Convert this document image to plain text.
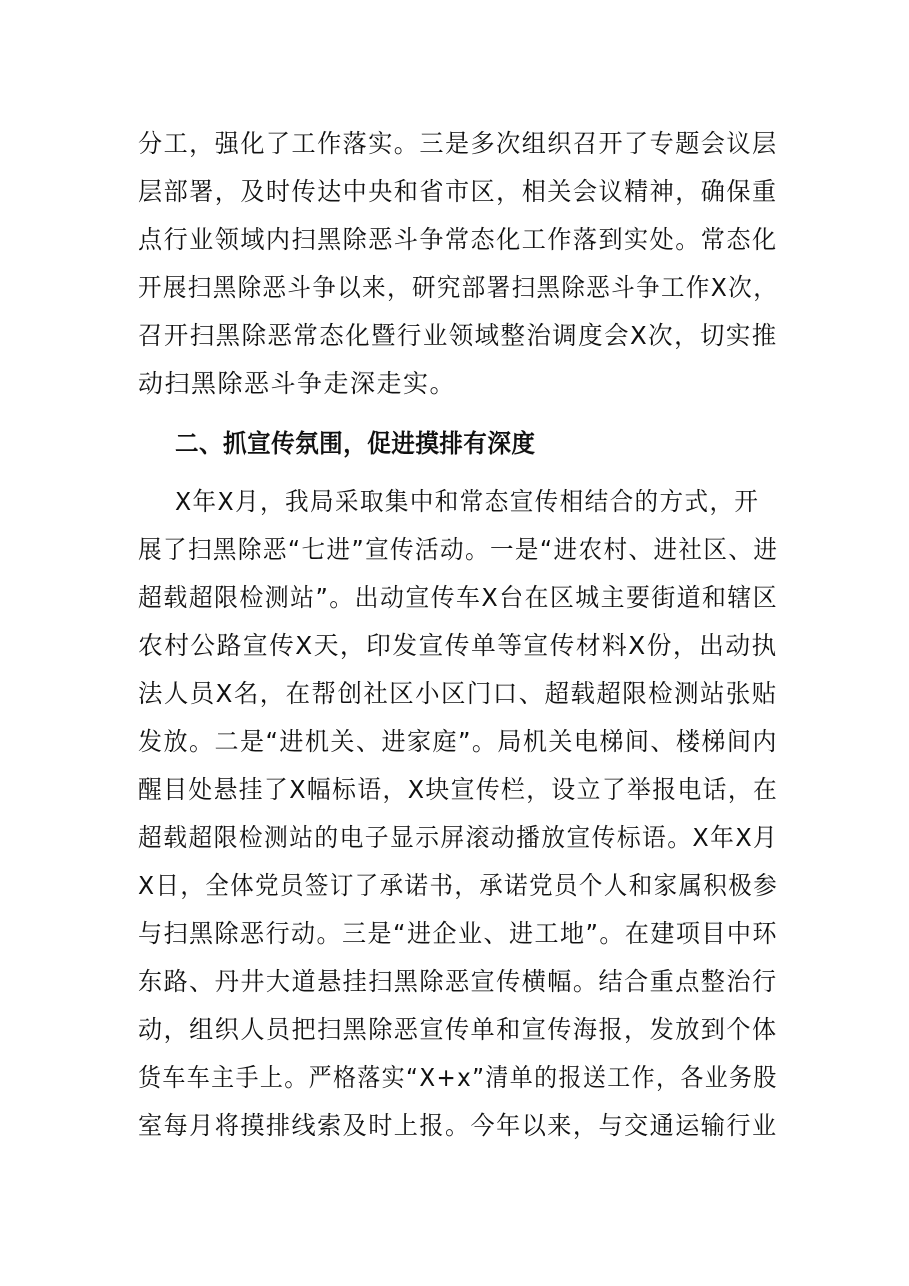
分工，强化了工作落实。三是多次组织召开了专题会议层
层部署，及时传达中央和省市区，相关会议精神，确保重
点行业领域内扫黑除恶斗争常态化工作落到实处。常态化
开展扫黑除恶斗争以来，研究部署扫黑除恶斗争工作X次，
召开扫黑除恶常态化暨行业领域整治调度会X次，切实推
动扫黑除恶斗争走深走实。
二、抓宣传氛围，促进摸排有深度
X年X月，我局采取集中和常态宣传相结合的方式，开
展了扫黑除恶“七进”宣传活动。一是“进农村、进社区、进
超载超限检测站”。出动宣传车X台在区城主要街道和辖区
农村公路宣传X天，印发宣传单等宣传材料X份，出动执
法人员X名，在帮创社区小区门口、超载超限检测站张贴
发放。二是“进机关、进家庭”。局机关电梯间、楼梯间内
醒目处悬挂了X幅标语，X块宣传栏，设立了举报电话，在
超载超限检测站的电子显示屏滚动播放宣传标语。X年X月
X日，全体党员签订了承诺书，承诺党员个人和家属积极参
与扫黑除恶行动。三是“进企业、进工地”。在建项目中环
东路、丹井大道悬挂扫黑除恶宣传横幅。结合重点整治行
动，组织人员把扫黑除恶宣传单和宣传海报，发放到个体
货车车主手上。严格落实“X+x”清单的报送工作，各业务股
室每月将摸排线索及时上报。今年以来，与交通运输行业
